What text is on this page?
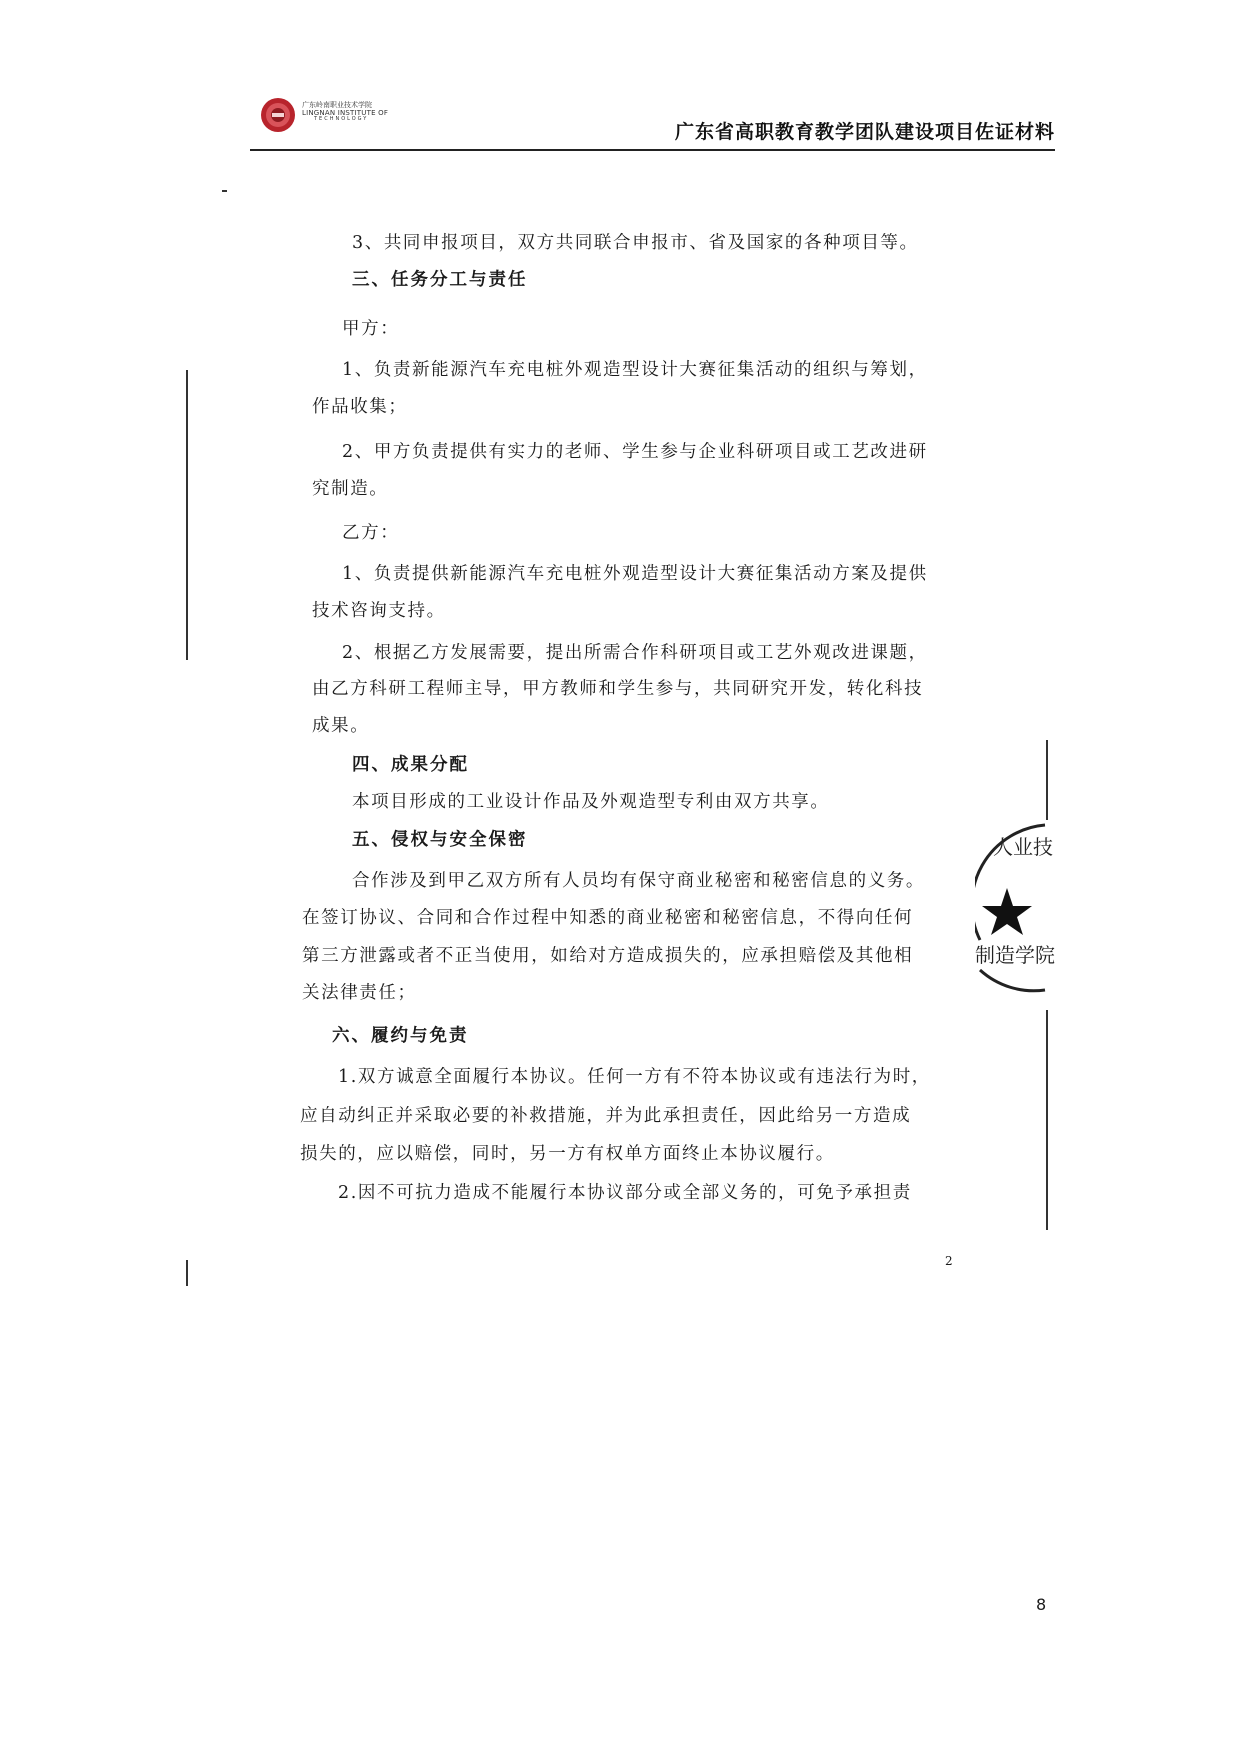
广东岭南职业技术学院
LINGNAN INSTITUTE OF
TECHNOLOGY
广东省高职教育教学团队建设项目佐证材料
3、共同申报项目，双方共同联合申报市、省及国家的各种项目等。
三、任务分工与责任
甲方：
1、负责新能源汽车充电桩外观造型设计大赛征集活动的组织与筹划，
作品收集；
2、甲方负责提供有实力的老师、学生参与企业科研项目或工艺改进研
究制造。
乙方：
1、负责提供新能源汽车充电桩外观造型设计大赛征集活动方案及提供
技术咨询支持。
2、根据乙方发展需要，提出所需合作科研项目或工艺外观改进课题，
由乙方科研工程师主导，甲方教师和学生参与，共同研究开发，转化科技
成果。
四、成果分配
本项目形成的工业设计作品及外观造型专利由双方共享。
五、侵权与安全保密
合作涉及到甲乙双方所有人员均有保守商业秘密和秘密信息的义务。
在签订协议、合同和合作过程中知悉的商业秘密和秘密信息，不得向任何
第三方泄露或者不正当使用，如给对方造成损失的，应承担赔偿及其他相
关法律责任；
六、履约与免责
1.双方诚意全面履行本协议。任何一方有不符本协议或有违法行为时，
应自动纠正并采取必要的补救措施，并为此承担责任，因此给另一方造成
损失的，应以赔偿，同时，另一方有权单方面终止本协议履行。
2.因不可抗力造成不能履行本协议部分或全部义务的，可免予承担责
人业技
制造学院
2
8
